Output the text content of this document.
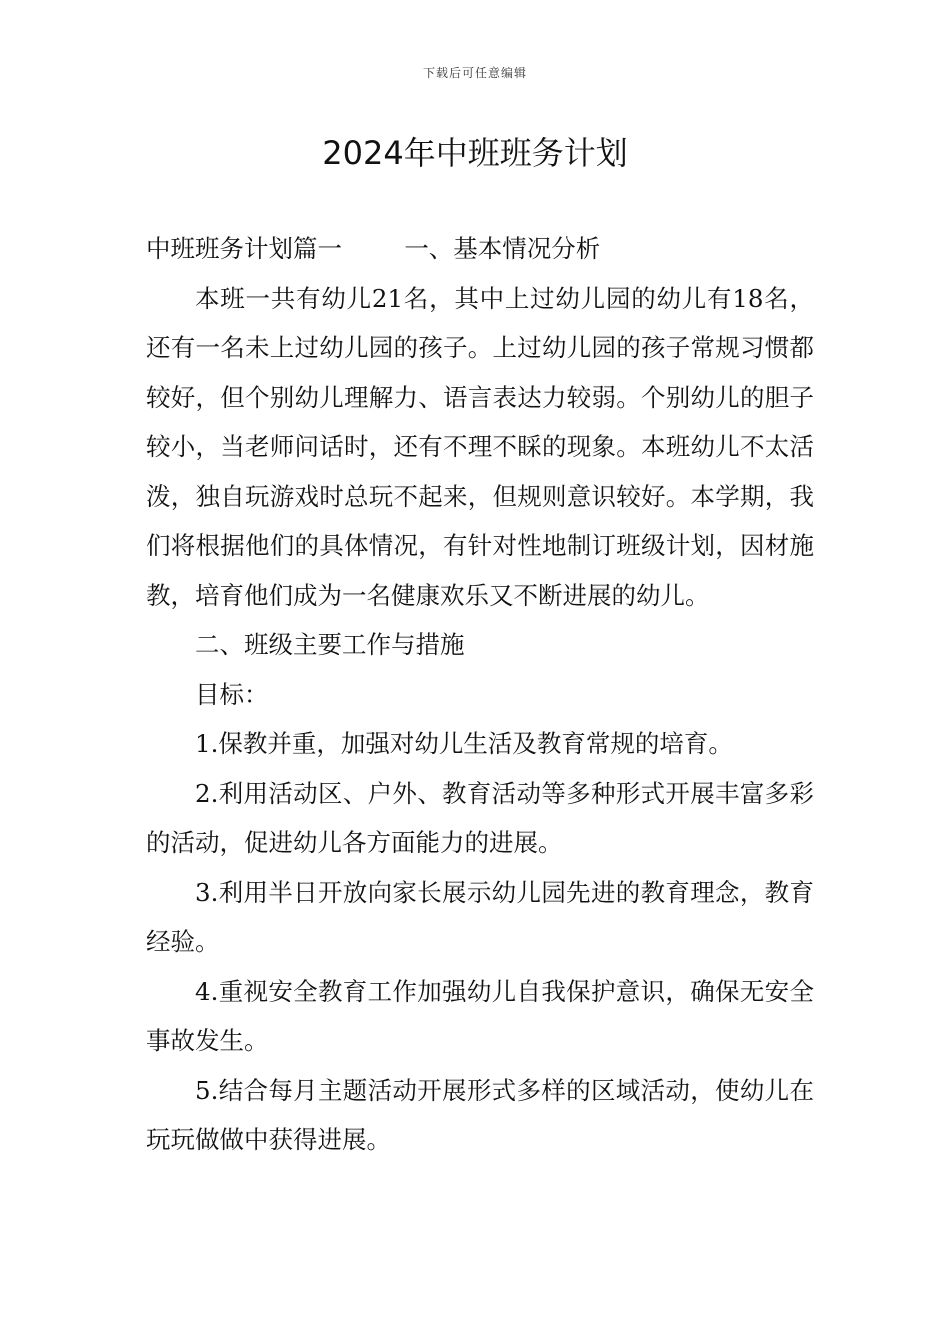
下载后可任意编辑
2024年中班班务计划

中班班务计划篇一	一、基本情况分析

本班一共有幼儿21名，其中上过幼儿园的幼儿有18名，还有一名未上过幼儿园的孩子。上过幼儿园的孩子常规习惯都较好，但个别幼儿理解力、语言表达力较弱。个别幼儿的胆子较小，当老师问话时，还有不理不睬的现象。本班幼儿不太活泼，独自玩游戏时总玩不起来，但规则意识较好。本学期，我们将根据他们的具体情况，有针对性地制订班级计划，因材施教，培育他们成为一名健康欢乐又不断进展的幼儿。

二、班级主要工作与措施

目标：

1.保教并重，加强对幼儿生活及教育常规的培育。

2.利用活动区、户外、教育活动等多种形式开展丰富多彩的活动，促进幼儿各方面能力的进展。

3.利用半日开放向家长展示幼儿园先进的教育理念，教育经验。

4.重视安全教育工作加强幼儿自我保护意识，确保无安全事故发生。

5.结合每月主题活动开展形式多样的区域活动，使幼儿在玩玩做做中获得进展。
